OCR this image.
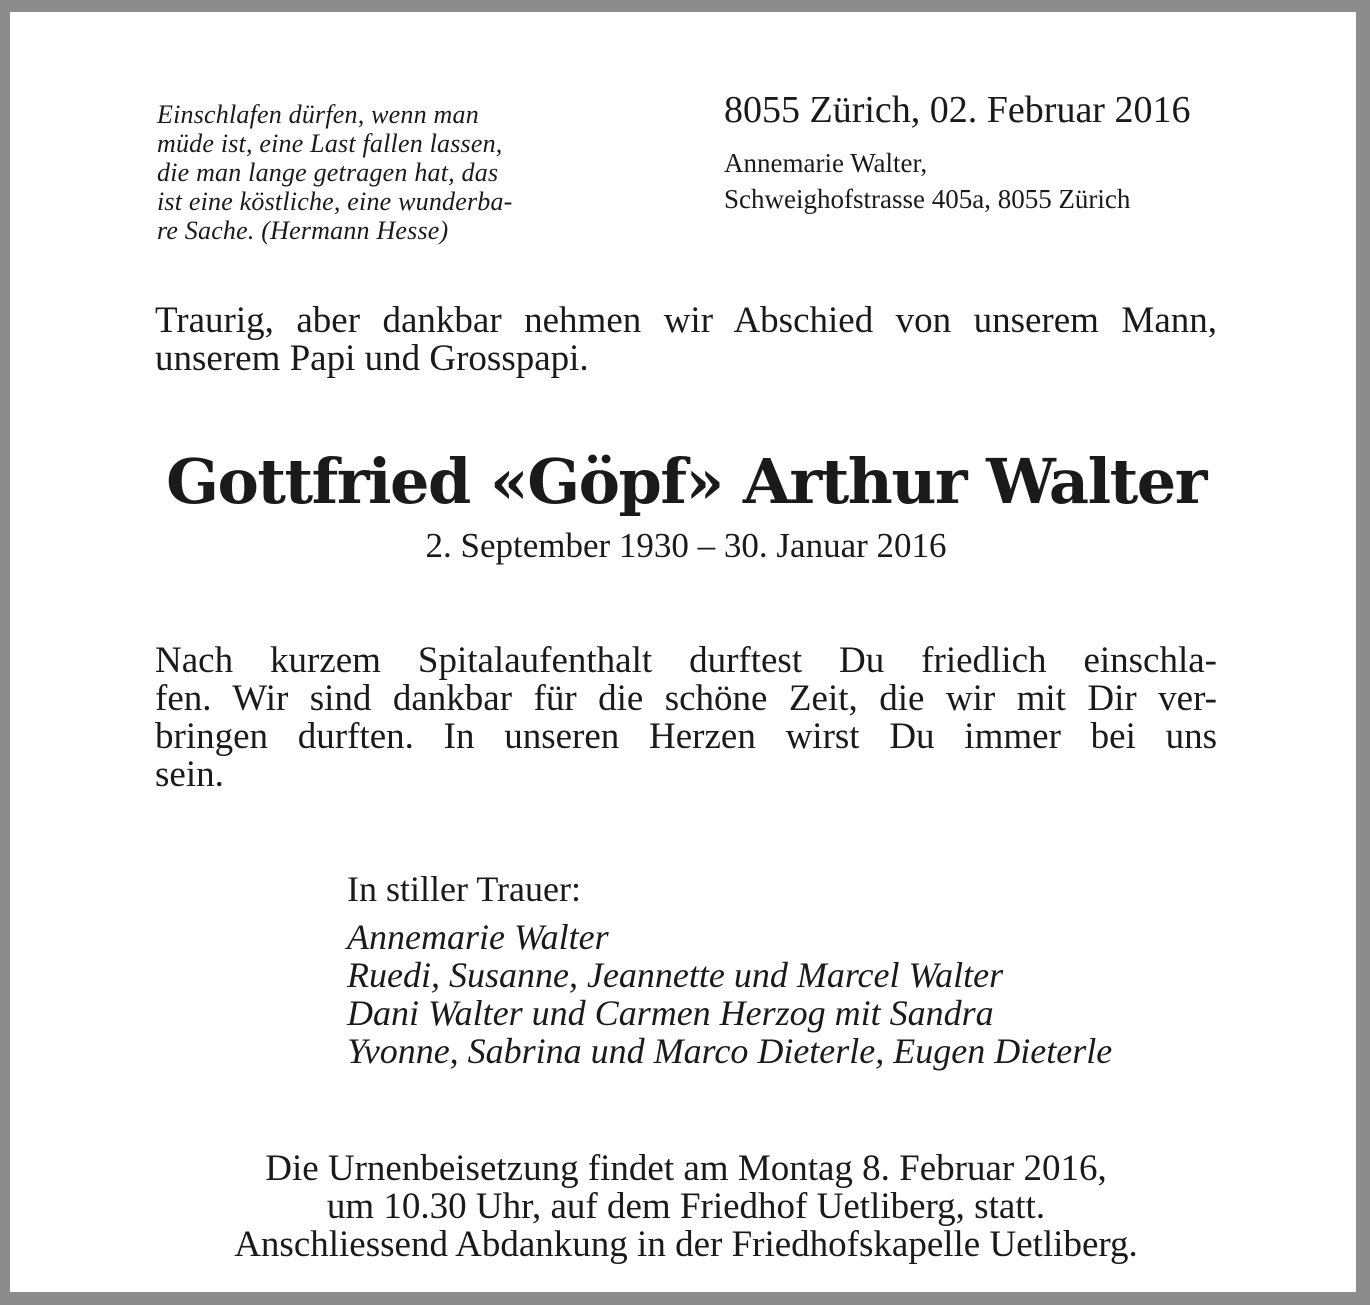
Einschlafen dürfen, wenn man
müde ist, eine Last fallen lassen,
die man lange getragen hat, das
ist eine köstliche, eine wunderba-
re Sache. (Hermann Hesse)

8055 Zürich, 02. Februar 2016
Annemarie Walter,
Schweighofstrasse 405a, 8055 Zürich

Traurig, aber dankbar nehmen wir Abschied von unserem Mann, unserem Papi und Grosspapi.

Gottfried «Göpf» Arthur Walter
2. September 1930 – 30. Januar 2016

Nach kurzem Spitalaufenthalt durftest Du friedlich einschla-
fen. Wir sind dankbar für die schöne Zeit, die wir mit Dir ver-
bringen durften. In unseren Herzen wirst Du immer bei uns
sein.

In stiller Trauer:
Annemarie Walter
Ruedi, Susanne, Jeannette und Marcel Walter
Dani Walter und Carmen Herzog mit Sandra
Yvonne, Sabrina und Marco Dieterle, Eugen Dieterle
Die Urnenbeisetzung findet am Montag 8. Februar 2016,
um 10.30 Uhr, auf dem Friedhof Uetliberg, statt.
Anschliessend Abdankung in der Friedhofskapelle Uetliberg.
